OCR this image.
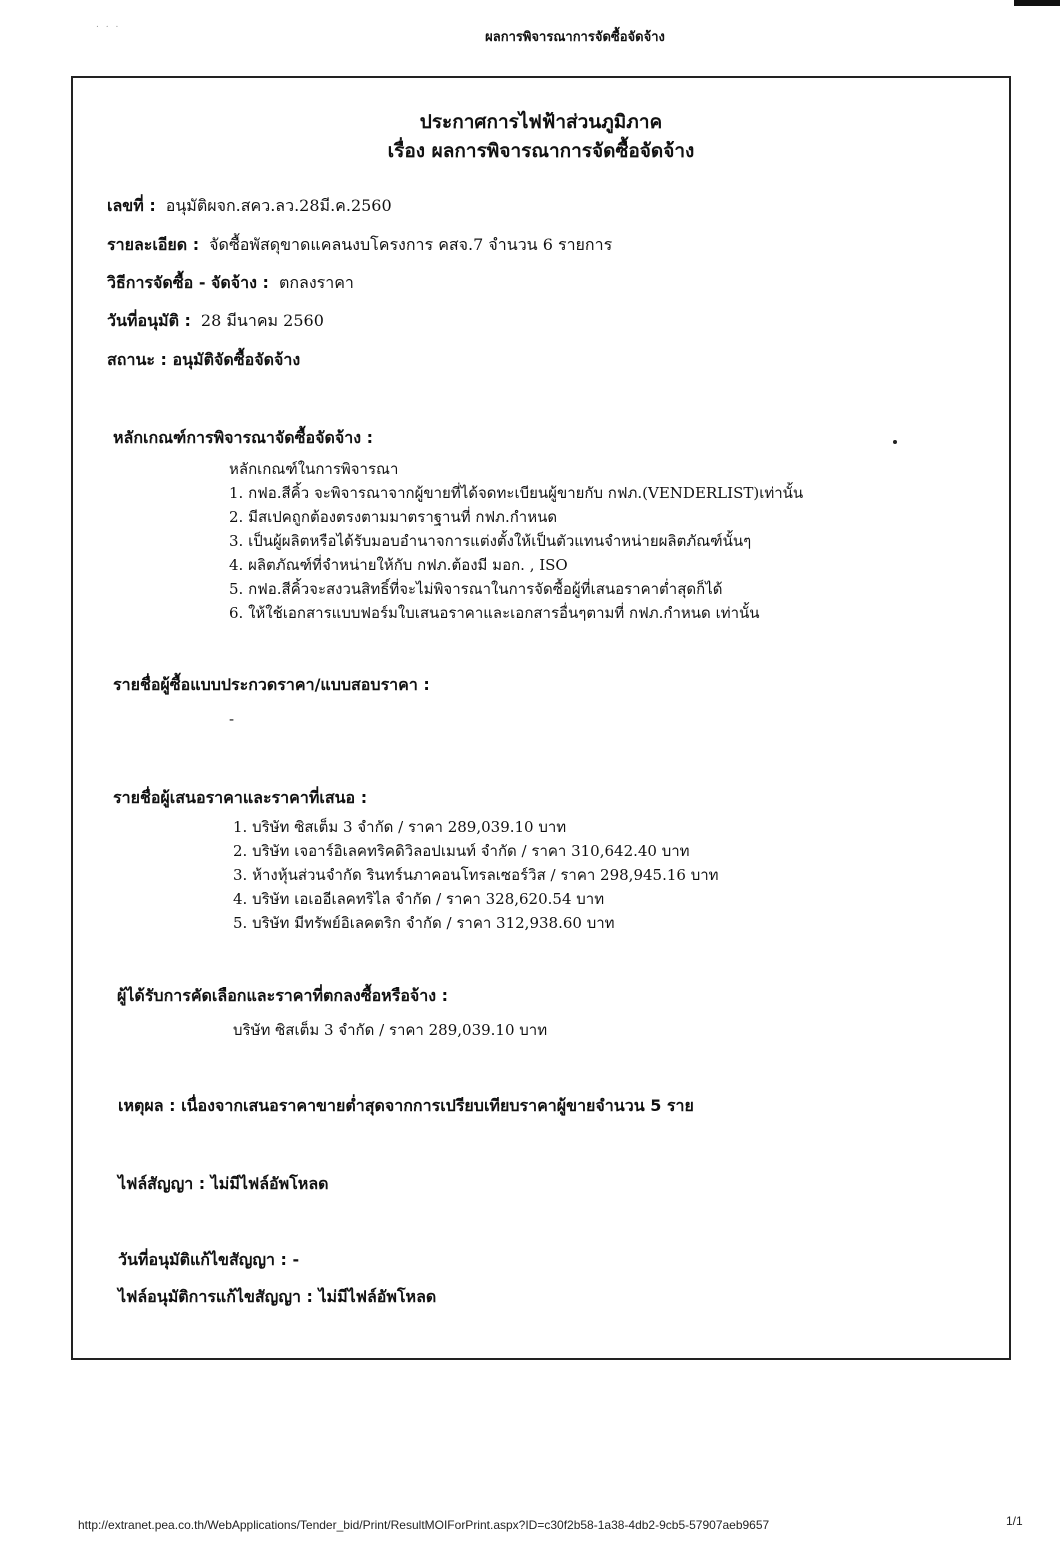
. . .
ผลการพิจารณาการจัดซื้อจัดจ้าง
ประกาศการไฟฟ้าส่วนภูมิภาค
เรื่อง ผลการพิจารณาการจัดซื้อจัดจ้าง
เลขที่ : อนุมัติผจก.สคว.ลว.28มี.ค.2560
รายละเอียด : จัดซื้อพัสดุขาดแคลนงบโครงการ คสจ.7 จำนวน 6 รายการ
วิธีการจัดซื้อ - จัดจ้าง : ตกลงราคา
วันที่อนุมัติ : 28 มีนาคม 2560
สถานะ : อนุมัติจัดซื้อจัดจ้าง
หลักเกณฑ์การพิจารณาจัดซื้อจัดจ้าง :
หลักเกณฑ์ในการพิจารณา
1. กฟอ.สีคิ้ว จะพิจารณาจากผู้ขายที่ได้จดทะเบียนผู้ขายกับ กฟภ.(VENDERLIST)เท่านั้น
2. มีสเปคถูกต้องตรงตามมาตราฐานที่ กฟภ.กำหนด
3. เป็นผู้ผลิตหรือได้รับมอบอำนาจการแต่งตั้งให้เป็นตัวแทนจำหน่ายผลิตภัณฑ์นั้นๆ
4. ผลิตภัณฑ์ที่จำหน่ายให้กับ กฟภ.ต้องมี มอก. , ISO
5. กฟอ.สีคิ้วจะสงวนสิทธิ์ที่จะไม่พิจารณาในการจัดซื้อผู้ที่เสนอราคาต่ำสุดก็ได้
6. ให้ใช้เอกสารแบบฟอร์มใบเสนอราคาและเอกสารอื่นๆตามที่ กฟภ.กำหนด เท่านั้น
รายชื่อผู้ซื้อแบบประกวดราคา/แบบสอบราคา :
-
รายชื่อผู้เสนอราคาและราคาที่เสนอ :
1. บริษัท ซิสเต็ม 3 จำกัด / ราคา 289,039.10 บาท
2. บริษัท เจอาร์อิเลคทริคดิวิลอปเมนท์ จำกัด / ราคา 310,642.40 บาท
3. ห้างหุ้นส่วนจำกัด รินทร์นภาคอนโทรลเซอร์วิส / ราคา 298,945.16 บาท
4. บริษัท เอเออีเลคทริไล จำกัด / ราคา 328,620.54 บาท
5. บริษัท มีทรัพย์อิเลคตริก จำกัด / ราคา 312,938.60 บาท
ผู้ได้รับการคัดเลือกและราคาที่ตกลงซื้อหรือจ้าง :
บริษัท ซิสเต็ม 3 จำกัด / ราคา 289,039.10 บาท
เหตุผล : เนื่องจากเสนอราคาขายต่ำสุดจากการเปรียบเทียบราคาผู้ขายจำนวน 5 ราย
ไฟล์สัญญา : ไม่มีไฟล์อัพโหลด
วันที่อนุมัติแก้ไขสัญญา : -
ไฟล์อนุมัติการแก้ไขสัญญา : ไม่มีไฟล์อัพโหลด
http://extranet.pea.co.th/WebApplications/Tender_bid/Print/ResultMOIForPrint.aspx?ID=c30f2b58-1a38-4db2-9cb5-57907aeb9657	1/1
